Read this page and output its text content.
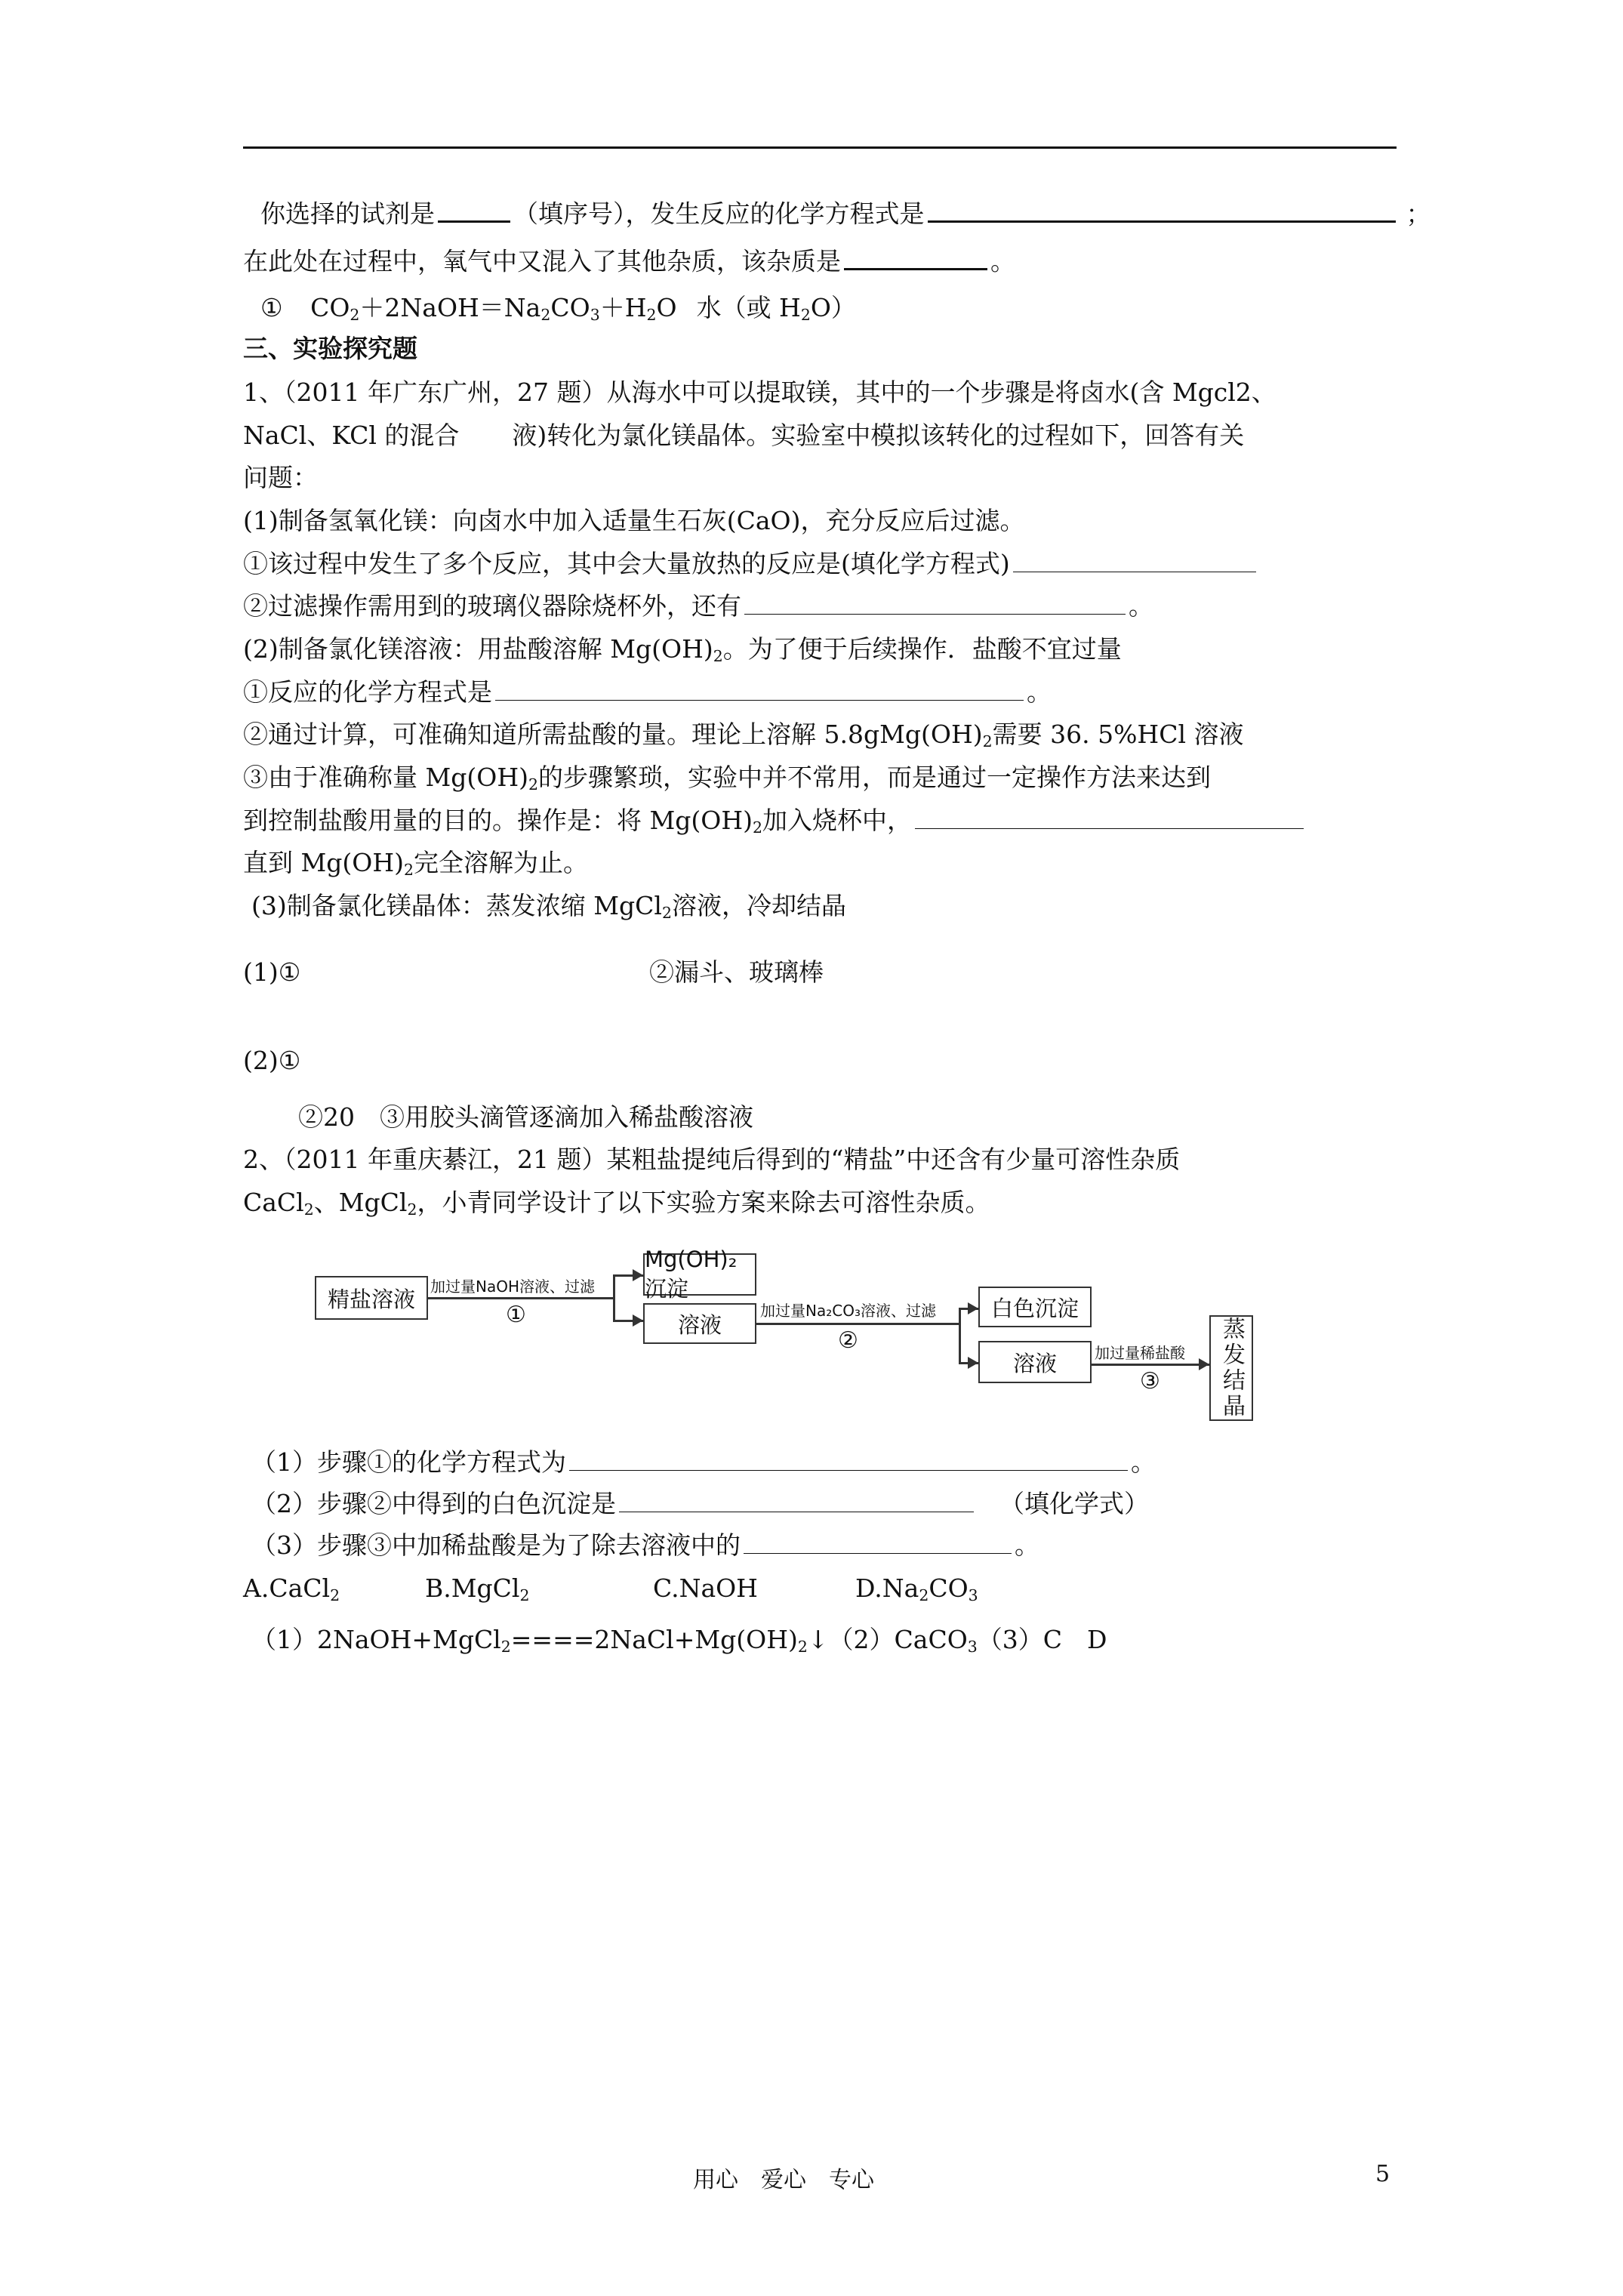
你选择的试剂是	（填序号），发生反应的化学方程式是	；
在此处在过程中，氧气中又混入了其他杂质，该杂质是	。
① $CO_2+2NaOH=Na_2CO_3+H_2O$ 水（或 $H_2O$）
三、实验探究题
1、（2011 年广东广州，27 题）从海水中可以提取镁，其中的一个步骤是将卤水(含 Mgcl2、
NaCl、KCl 的混合 液)转化为氯化镁晶体。实验室中模拟该转化的过程如下，回答有关
问题：
(1)制备氢氧化镁：向卤水中加入适量生石灰(CaO)，充分反应后过滤。
①该过程中发生了多个反应，其中会大量放热的反应是(填化学方程式)
②过滤操作需用到的玻璃仪器除烧杯外，还有	。
(2)制备氯化镁溶液：用盐酸溶解 $Mg(OH)_2$。为了便于后续操作．盐酸不宜过量
①反应的化学方程式是	。
②通过计算，可准确知道所需盐酸的量。理论上溶解 $5.8gMg(OH)_2$需要 36. 5%HCl 溶液
③由于准确称量 $Mg(OH)_2$的步骤繁琐，实验中并不常用，而是通过一定操作方法来达到
到控制盐酸用量的目的。操作是：将 $Mg(OH)_2$加入烧杯中，
直到 $Mg(OH)_2$完全溶解为止。
(3)制备氯化镁晶体：蒸发浓缩 MgCl$_2$溶液，冷却结晶
(1)①	②漏斗、玻璃棒
(2)①
②20　③用胶头滴管逐滴加入稀盐酸溶液
2、（2011 年重庆綦江，21 题）某粗盐提纯后得到的“精盐”中还含有少量可溶性杂质
CaCl$_2$、MgCl$_2$，小青同学设计了以下实验方案来除去可溶性杂质。
精盐溶液	加过量NaOH溶液、过滤
①
Mg(OH)₂沉淀
溶液
加过量Na₂CO₃溶液、过滤
②
白色沉淀
溶液	加过量稀盐酸
③	蒸发结晶
（1）步骤①的化学方程式为	。
（2）步骤②中得到的白色沉淀是	（填化学式）
（3）步骤③中加稀盐酸是为了除去溶液中的	。
A.CaCl$_2$	B.MgCl$_2$	C.NaOH	$D.Na_2CO_3$
$(1)2NaOH+MgCl_2====2NaCl+Mg(OH)_2↓(2)CaCO_3(3)C$　D
用心　爱心　专心	5
